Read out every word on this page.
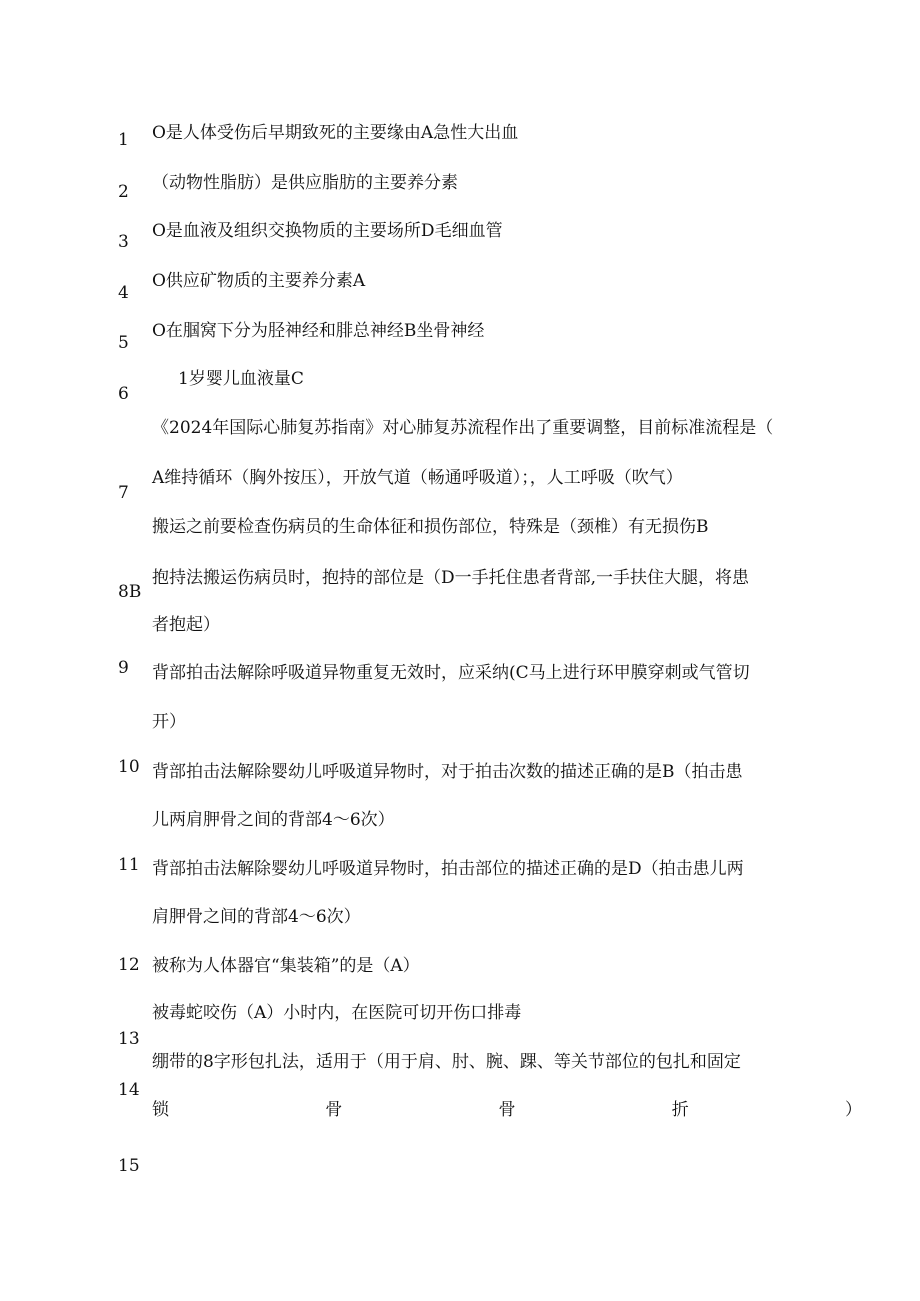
1
2
3
4
5
6
7
8B
9
10
11
12
13
14
15
O是人体受伤后早期致死的主要缘由A急性大出血
（动物性脂肪）是供应脂肪的主要养分素
O是血液及组织交换物质的主要场所D毛细血管
O供应矿物质的主要养分素A
O在腘窝下分为胫神经和腓总神经B坐骨神经
1岁婴儿血液量C
《2024年国际心肺复苏指南》对心肺复苏流程作出了重要调整，目前标准流程是（
A维持循环（胸外按压），开放气道（畅通呼吸道）；，人工呼吸（吹气）
搬运之前要检查伤病员的生命体征和损伤部位，特殊是（颈椎）有无损伤B
抱持法搬运伤病员时，抱持的部位是（D一手托住患者背部,一手扶住大腿，将患
者抱起）
背部拍击法解除呼吸道异物重复无效时，应采纳(C马上进行环甲膜穿刺或气管切
开）
背部拍击法解除婴幼儿呼吸道异物时，对于拍击次数的描述正确的是B（拍击患
儿两肩胛骨之间的背部4～6次）
背部拍击法解除婴幼儿呼吸道异物时，拍击部位的描述正确的是D（拍击患儿两
肩胛骨之间的背部4～6次）
被称为人体器官“集装箱”的是（A）
被毒蛇咬伤（A）小时内，在医院可切开伤口排毒
绷带的8字形包扎法，适用于（用于肩、肘、腕、踝、等关节部位的包扎和固定
锁	骨	骨	折	）
